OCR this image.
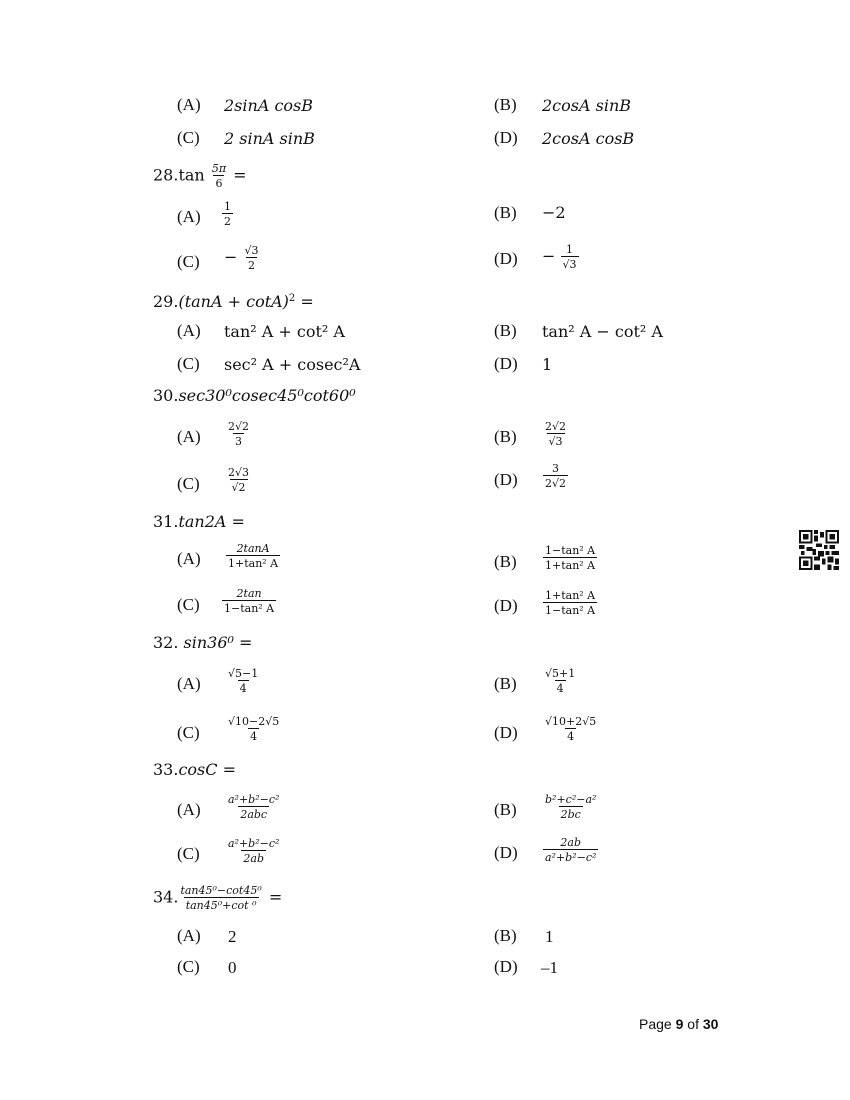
(A) 2sinA cosB	(B) 2cosA sinB
(C) 2 sinA sinB	(D) 2cosA cosB
$28.\tan \frac{5\pi}{6}$ =
$(A) \frac{1}{2}$	(B) −2
$(C) - \frac{√3}{2}$	$(D) - \frac{1}{√3}$
$29.(\tan A + \cot A)^2$ =
(A) tan² A + cot² A	(B) tan² A − cot² A
(C) sec² A + cosec²A	(D) 1
30.sec30⁰cosec45⁰cot60⁰
$(A) \frac{2√2}{3}$	$(B) \frac{2√2}{√3}$
$(C) \frac{2√3}{√2}$	$(D) \frac{3}{2√2}$
31.tan2A =
$(A) \frac{2\tan A}{\text{1+tan² A}}$	$(B) \frac{\text{1−tan² A}}{\text{1+tan² A}}$
$(C) \frac{2\tan}{\text{1−tan² A}}$	$(D) \frac{\text{1+tan² A}}{\text{1−tan² A}}$
32. sin36⁰ =
$(A) \frac{√5-1}{4}$	$(B) \frac{√5+1}{4}$
$(C) \frac{√10-2√5}{4}$	$(D) \frac{√10+2√5}{4}$
33.cosC =
$(A) \frac{\text{a²+b²−c²}}{\text{2abc}}$	$(B) \frac{\text{b²+c²−a²}}{2bc}$
$(C) \frac{\text{a²+b²−c²}}{2ab}$	$(D) \frac{2ab}{\text{a²+b²−c²}}$
34. $\frac{\text{tan45⁰−cot45⁰}}{\text{tan45⁰+cot ⁰}}$ =
(A) 2	(B) 1
(C) 0	(D) –1
Page 9 of 30
